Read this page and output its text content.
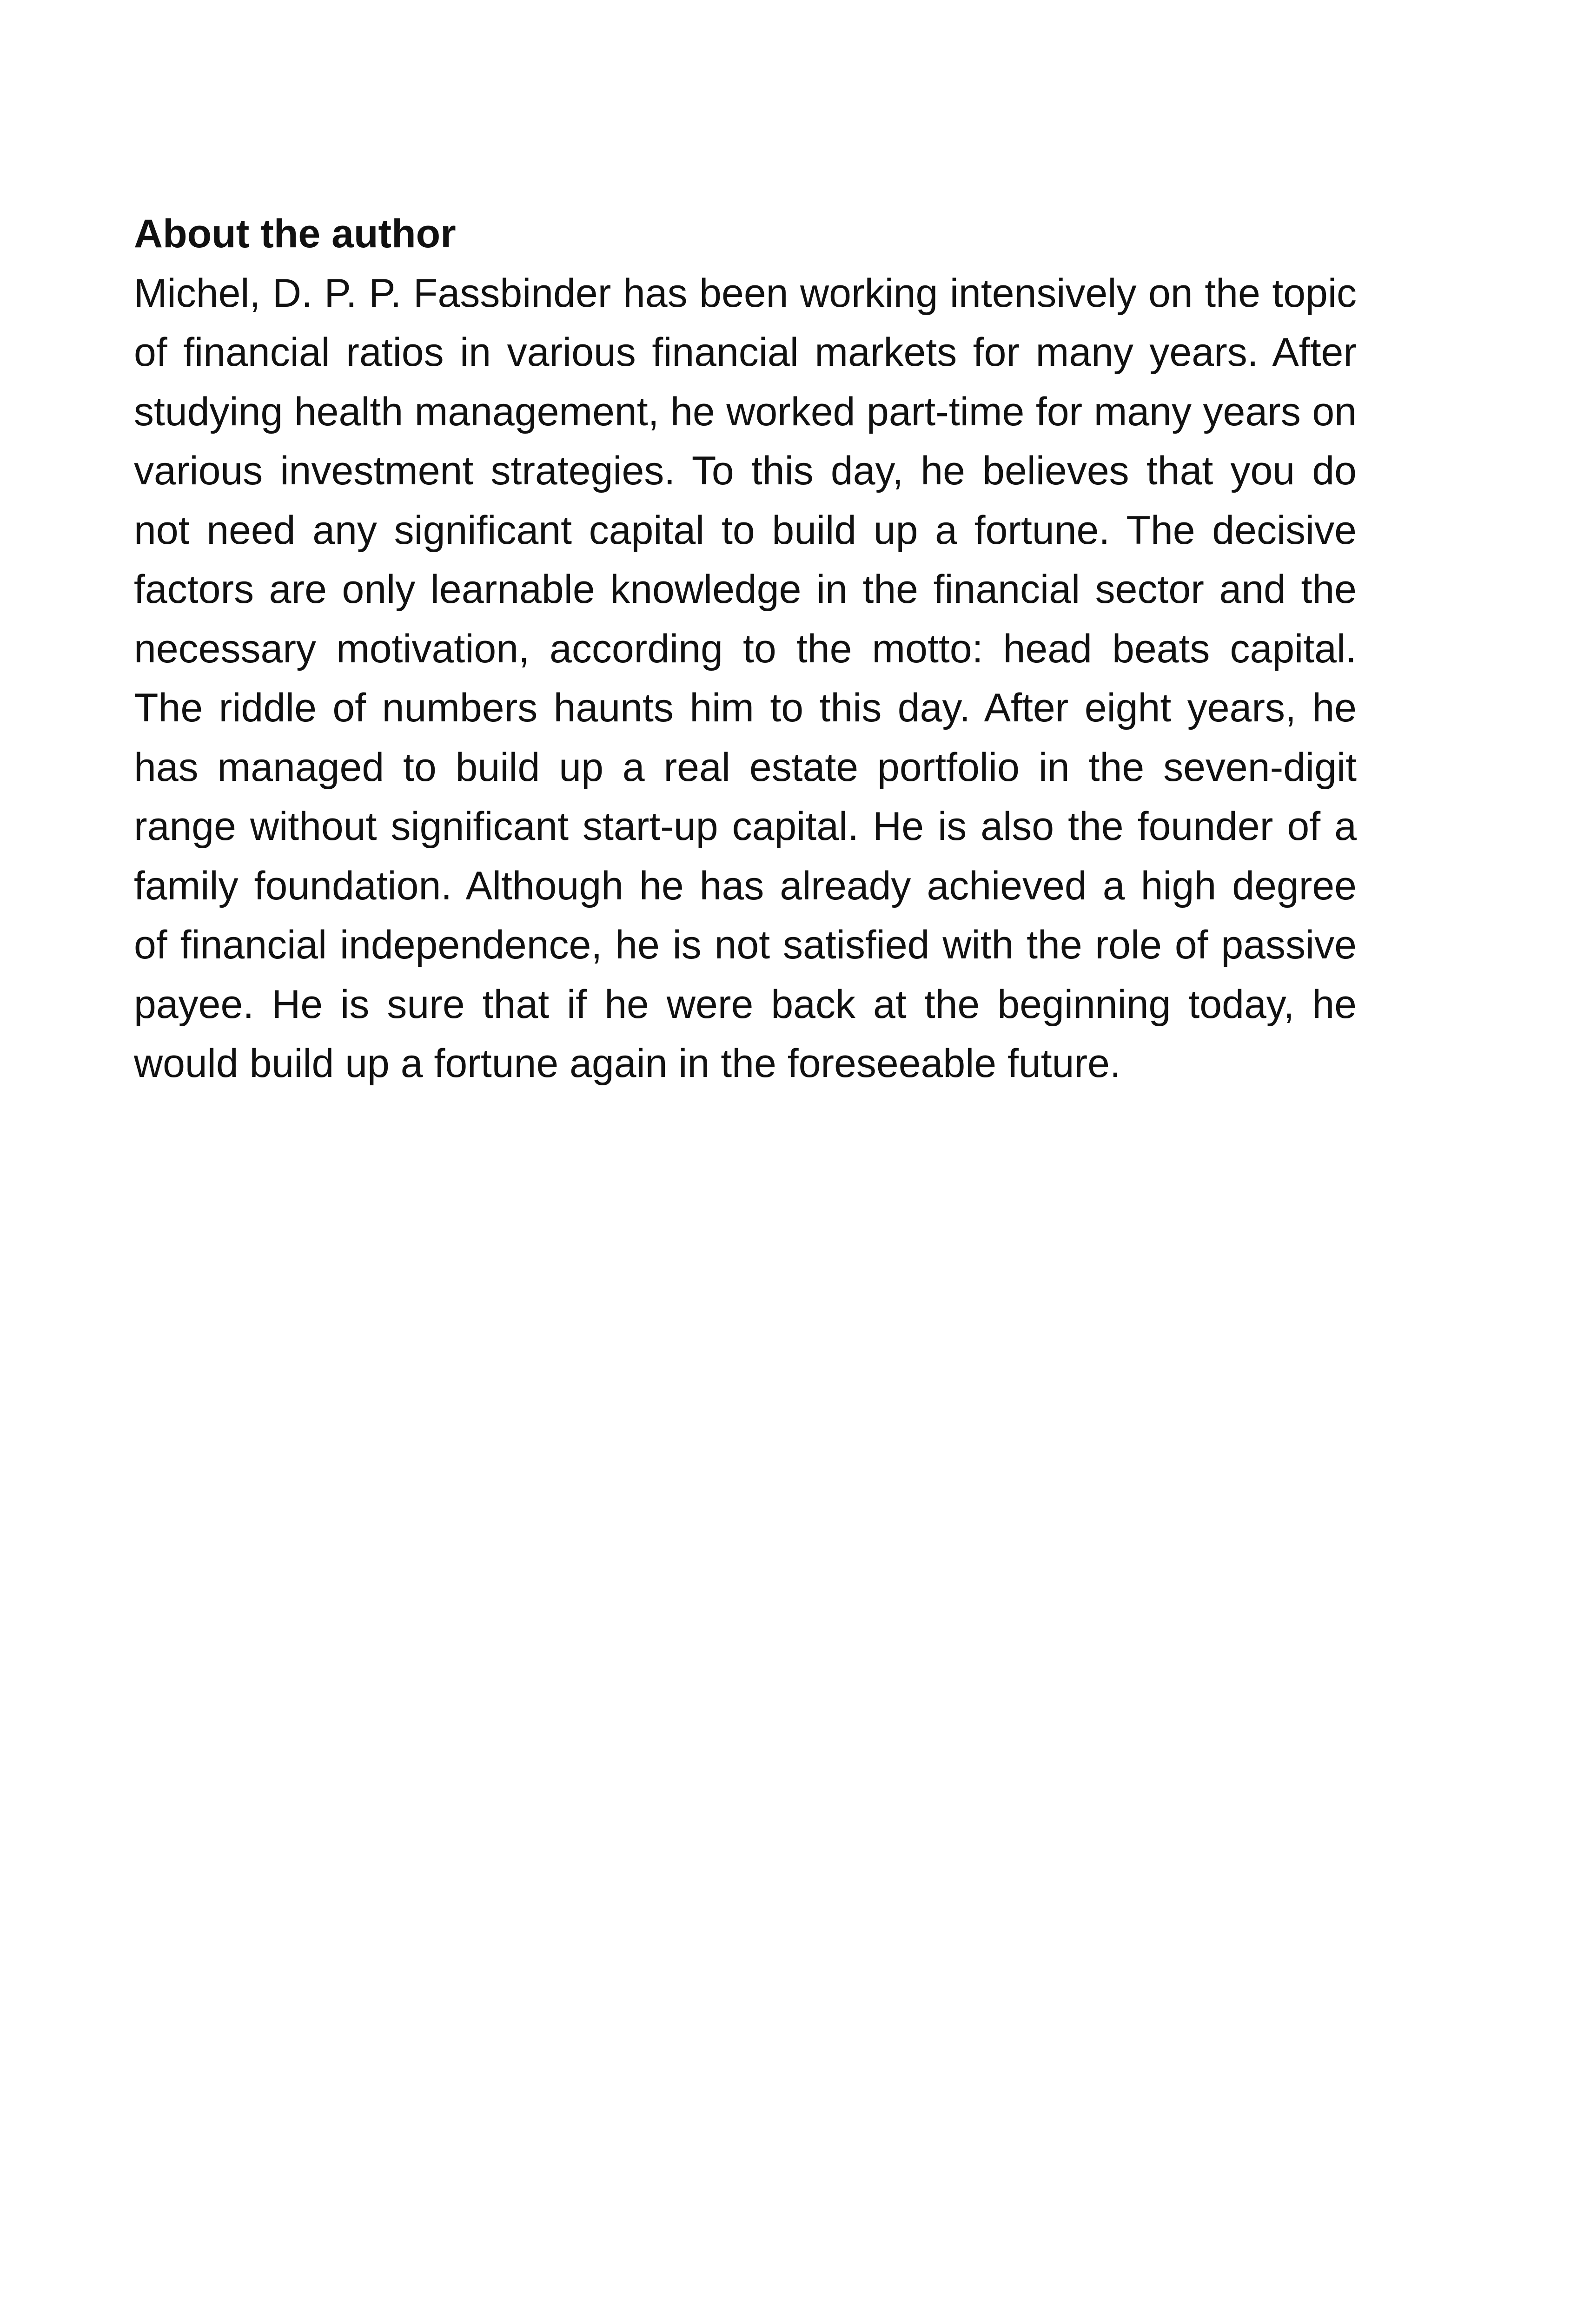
About the author

Michel, D. P. P. Fassbinder has been working intensively on the topic of financial ratios in various financial markets for many years. After studying health management, he worked part-time for many years on various investment strategies. To this day, he believes that you do not need any significant capital to build up a fortune. The decisive factors are only learnable knowledge in the financial sector and the necessary motivation, according to the motto: head beats capital. The riddle of numbers haunts him to this day. After eight years, he has managed to build up a real estate portfolio in the seven-digit range without significant start-up capital. He is also the founder of a family foundation. Although he has already achieved a high degree of financial independence, he is not satisfied with the role of passive payee. He is sure that if he were back at the beginning today, he would build up a fortune again in the foreseeable future.
